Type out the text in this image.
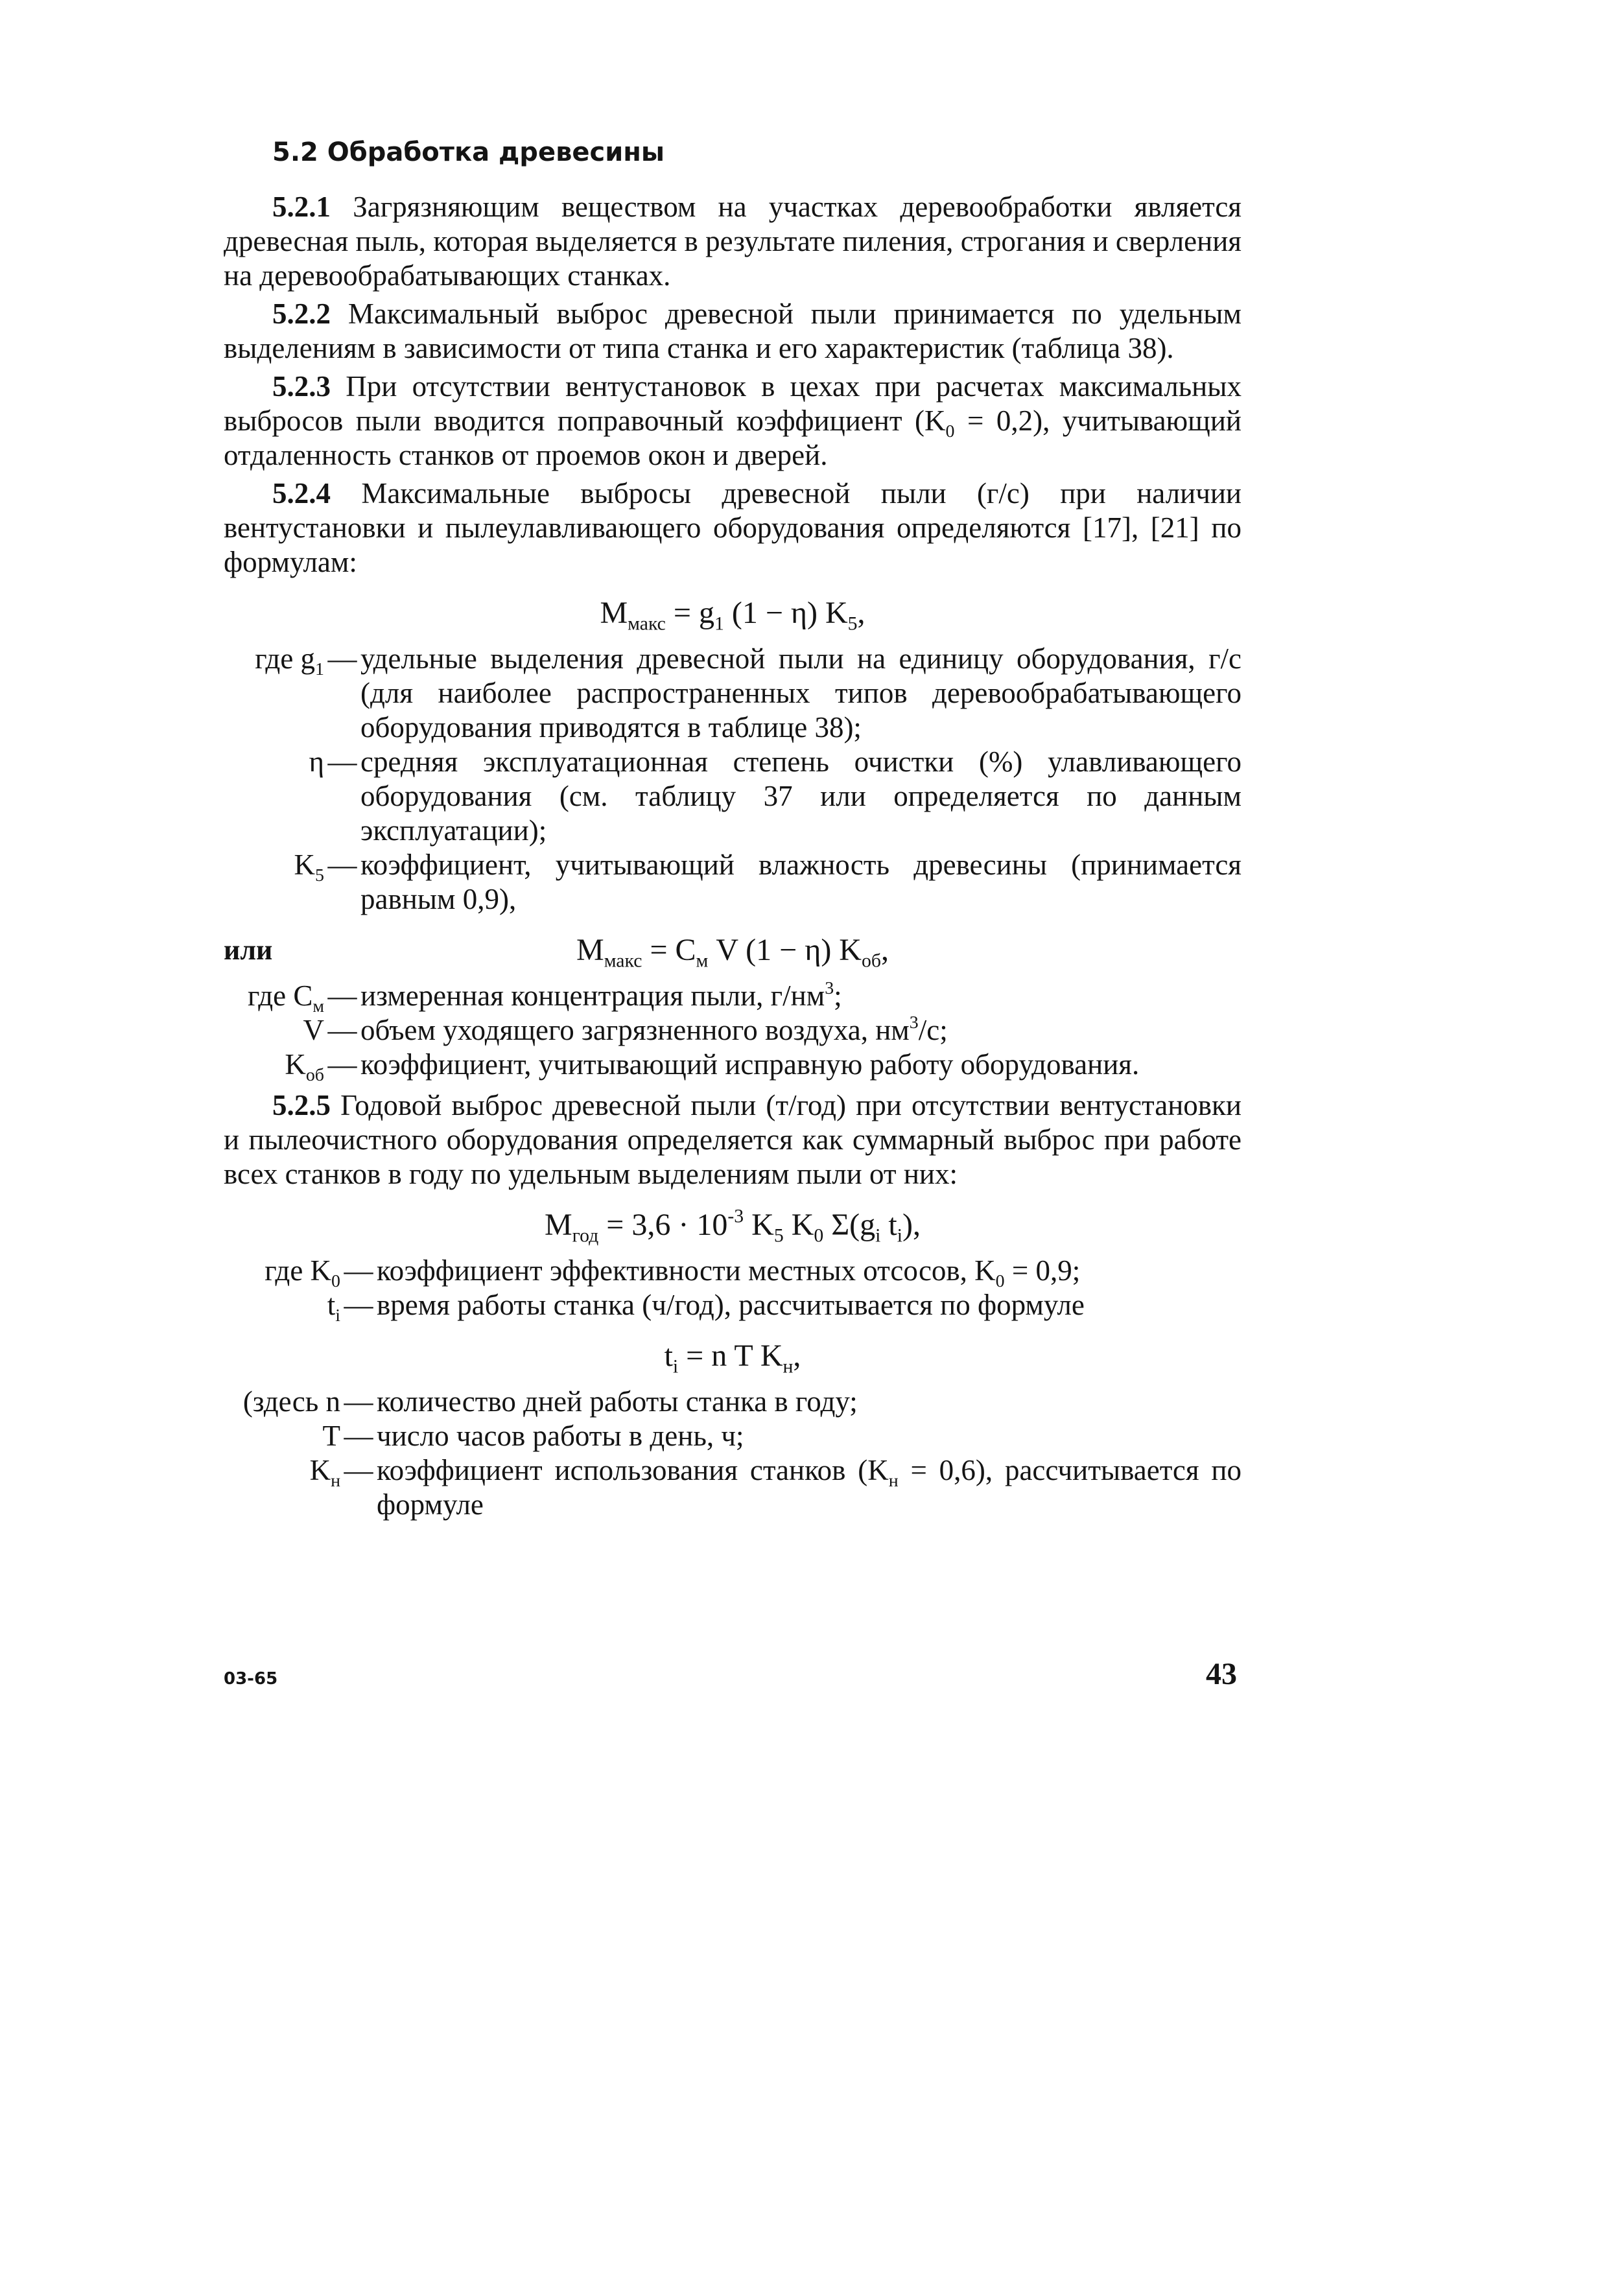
5.2 Обработка древесины

5.2.1 Загрязняющим веществом на участках деревообработки является древесная пыль, которая выделяется в результате пиления, строгания и сверления на деревообрабатывающих станках.

5.2.2 Максимальный выброс древесной пыли принимается по удельным выделениям в зависимости от типа станка и его характеристик (таблица 38).

5.2.3 При отсутствии вентустановок в цехах при расчетах максимальных выбросов пыли вводится поправочный коэффициент $(K_0 = 0,2)$, учитывающий отдаленность станков от проемов окон и дверей.

5.2.4 Максимальные выбросы древесной пыли (г/с) при наличии вентустановки и пылеулавливающего оборудования определяются [17], [21] по формулам:

$M_{макс} = g_1$ (1 − η) $K_5$,
где $g_1$ — удельные выделения древесной пыли на единицу оборудования, г/с (для наиболее распространенных типов деревообрабатывающего оборудования приводятся в таблице 38);
η — средняя эксплуатационная степень очистки (%) улавливающего оборудования (см. таблицу 37 или определяется по данным эксплуатации);
$K_5$ — коэффициент, учитывающий влажность древесины (принимается равным 0,9),
или	$M_{макс} = C_м$ V (1 − η) $K_{об}$,
где $C_м$ — измеренная концентрация пыли, $г/нм^3$;
V — объем уходящего загрязненного воздуха, $нм^3/с$;
$K_{об}$ — коэффициент, учитывающий исправную работу оборудования.

5.2.5 Годовой выброс древесной пыли (т/год) при отсутствии вентустановки и пылеочистного оборудования определяется как суммарный выброс при работе всех станков в году по удельным выделениям пыли от них:

$M_{год} = 3,6 \cdot 10^{-3}$ $K_5$ $K_0$ $\Sigma(g_i$ $t_i$),
где $K_0$ — коэффициент эффективности местных отсосов, $K_0 = 0,9$;
$t_i$ — время работы станка (ч/год), рассчитывается по формуле
$t_i = n$ T $K_н$,
(здесь n — количество дней работы станка в году;
T — число часов работы в день, ч;
$K_н$ — коэффициент использования станков $(K_н = 0,6)$, рассчитывается по формуле
03-65	43
